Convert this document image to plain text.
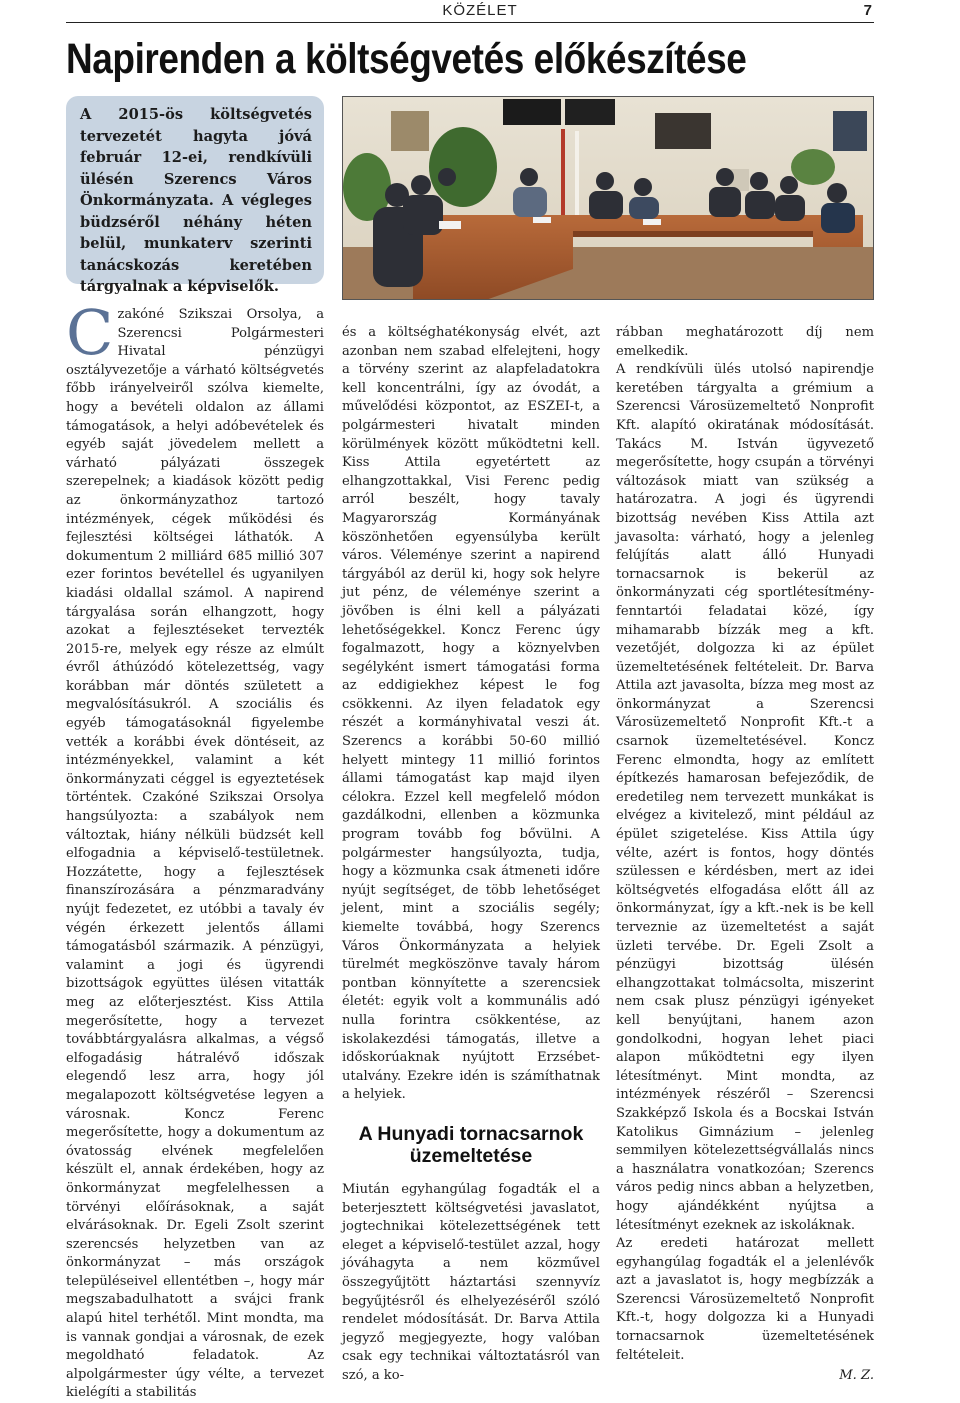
KÖZÉLET	7
Napirenden a költségvetés előkészítése
A 2015-ös költségvetés tervezetét hagyta jóvá február 12-ei, rendkívüli ülésén Szerencs Város Önkormányzata. A végleges büdzséről néhány héten belül, munkaterv szerinti tanácskozás keretében tárgyalnak a képviselők.

Czakóné Szikszai Orsolya, a Szerencsi Polgármesteri Hivatal pénzügyi osztályvezetője a várható költségvetés főbb irányelveiről szólva kiemelte, hogy a bevételi oldalon az állami támogatások, a helyi adóbevételek és egyéb saját jövedelem mellett a várható pályázati összegek szerepelnek; a kiadások között pedig az önkormányzathoz tartozó intézmények, cégek működési és fejlesztési költségei láthatók. A dokumentum 2 milliárd 685 millió 307 ezer forintos bevétellel és ugyanilyen kiadási oldallal számol. A napirend tárgyalása során elhangzott, hogy azokat a fejlesztéseket tervezték 2015-re, melyek egy része az elmúlt évről áthúzódó kötelezettség, vagy korábban már döntés született a megvalósításukról. A szociális és egyéb támogatásoknál figyelembe vették a korábbi évek döntéseit, az intézményekkel, valamint a két önkormányzati céggel is egyeztetések történtek. Czakóné Szikszai Orsolya hangsúlyozta: a szabályok nem változtak, hiány nélküli büdzsét kell elfogadnia a képviselő-testületnek. Hozzátette, hogy a fejlesztések finanszírozására a pénzmaradvány nyújt fedezetet, ez utóbbi a tavaly év végén érkezett jelentős állami támogatásból származik. A pénzügyi, valamint a jogi és ügyrendi bizottságok együttes ülésen vitatták meg az előterjesztést. Kiss Attila megerősítette, hogy a tervezet továbbtárgyalásra alkalmas, a végső elfogadásig hátralévő időszak elegendő lesz arra, hogy jól megalapozott költségvetése legyen a városnak. Koncz Ferenc megerősítette, hogy a dokumentum az óvatosság elvének megfelelően készült el, annak érdekében, hogy az önkormányzat megfelelhessen a törvényi előírásoknak, a saját elvárásoknak. Dr. Egeli Zsolt szerint szerencsés helyzetben van az önkormányzat – más országok településeivel ellentétben –, hogy már megszabadulhatott a svájci frank alapú hitel terhétől. Mint mondta, ma is vannak gondjai a városnak, de ezek megoldható feladatok. Az alpolgármester úgy vélte, a tervezet kielégíti a stabilitás

és a költséghatékonyság elvét, azt azonban nem szabad elfelejteni, hogy a törvény szerint az alapfeladatokra kell koncentrálni, így az óvodát, a művelődési központot, az ESZEI-t, a polgármesteri hivatalt minden körülmények között működtetni kell. Kiss Attila egyetértett az elhangzottakkal, Visi Ferenc pedig arról beszélt, hogy tavaly Magyarország Kormányának köszönhetően egyensúlyba került város. Véleménye szerint a napirend tárgyából az derül ki, hogy sok helyre jut pénz, de véleménye szerint a jövőben is élni kell a pályázati lehetőségekkel. Koncz Ferenc úgy fogalmazott, hogy a köznyelvben segélyként ismert támogatási forma az eddigiekhez képest le fog csökkenni. Az ilyen feladatok egy részét a kormányhivatal veszi át. Szerencs a korábbi 50-60 millió helyett mintegy 11 millió forintos állami támogatást kap majd ilyen célokra. Ezzel kell megfelelő módon gazdálkodni, ellenben a közmunka program tovább fog bővülni. A polgármester hangsúlyozta, tudja, hogy a közmunka csak átmeneti időre nyújt segítséget, de több lehetőséget jelent, mint a szociális segély; kiemelte továbbá, hogy Szerencs Város Önkormányzata a helyiek türelmét megköszönve tavaly három pontban könnyítette a szerencsiek életét: egyik volt a kommunális adó nulla forintra csökkentése, az iskolakezdési támogatás, illetve a időskorúaknak nyújtott Erzsébet-utalvány. Ezekre idén is számíthatnak a helyiek.

A Hunyadi tornacsarnok üzemeltetése

Miután egyhangúlag fogadták el a beterjesztett költségvetési javaslatot, jogtechnikai kötelezettségének tett eleget a képviselő-testület azzal, hogy jóváhagyta a nem közművel összegyűjtött háztartási szennyvíz begyűjtésről és elhelyezéséről szóló rendelet módosítását. Dr. Barva Attila jegyző megjegyezte, hogy valóban csak egy technikai változtatásról van szó, a ko-

rábban meghatározott díj nem emelkedik.

A rendkívüli ülés utolsó napirendje keretében tárgyalta a grémium a Szerencsi Városüzemeltető Nonprofit Kft. alapító okiratának módosítását. Takács M. István ügyvezető megerősítette, hogy csupán a törvényi változások miatt van szükség a határozatra. A jogi és ügyrendi bizottság nevében Kiss Attila azt javasolta: várható, hogy a jelenleg felújítás alatt álló Hunyadi tornacsarnok is bekerül az önkormányzati cég sportlétesítmény-fenntartói feladatai közé, így mihamarabb bízzák meg a kft. vezetőjét, dolgozza ki az épület üzemeltetésének feltételeit. Dr. Barva Attila azt javasolta, bízza meg most az önkormányzat a Szerencsi Városüzemeltető Nonprofit Kft.-t a csarnok üzemeltetésével. Koncz Ferenc elmondta, hogy az említett építkezés hamarosan befejeződik, de eredetileg nem tervezett munkákat is elvégez a kivitelező, mint például az épület szigetelése. Kiss Attila úgy vélte, azért is fontos, hogy döntés szülessen e kérdésben, mert az idei költségvetés elfogadása előtt áll az önkormányzat, így a kft.-nek is be kell terveznie az üzemeltetést a saját üzleti tervébe. Dr. Egeli Zsolt a pénzügyi bizottság ülésén elhangzottakat tolmácsolta, miszerint nem csak plusz pénzügyi igényeket kell benyújtani, hanem azon gondolkodni, hogyan lehet piaci alapon működtetni egy ilyen létesítményt. Mint mondta, az intézmények részéről – Szerencsi Szakképző Iskola és a Bocskai István Katolikus Gimnázium – jelenleg semmilyen kötelezettségvállalás nincs a használatra vonatkozóan; Szerencs város pedig nincs abban a helyzetben, hogy ajándékként nyújtsa a létesítményt ezeknek az iskoláknak.

Az eredeti határozat mellett egyhangúlag fogadták el a jelenlévők azt a javaslatot is, hogy megbízzák a Szerencsi Városüzemeltető Nonprofit Kft.-t, hogy dolgozza ki a Hunyadi tornacsarnok üzemeltetésének feltételeit.

M. Z.
